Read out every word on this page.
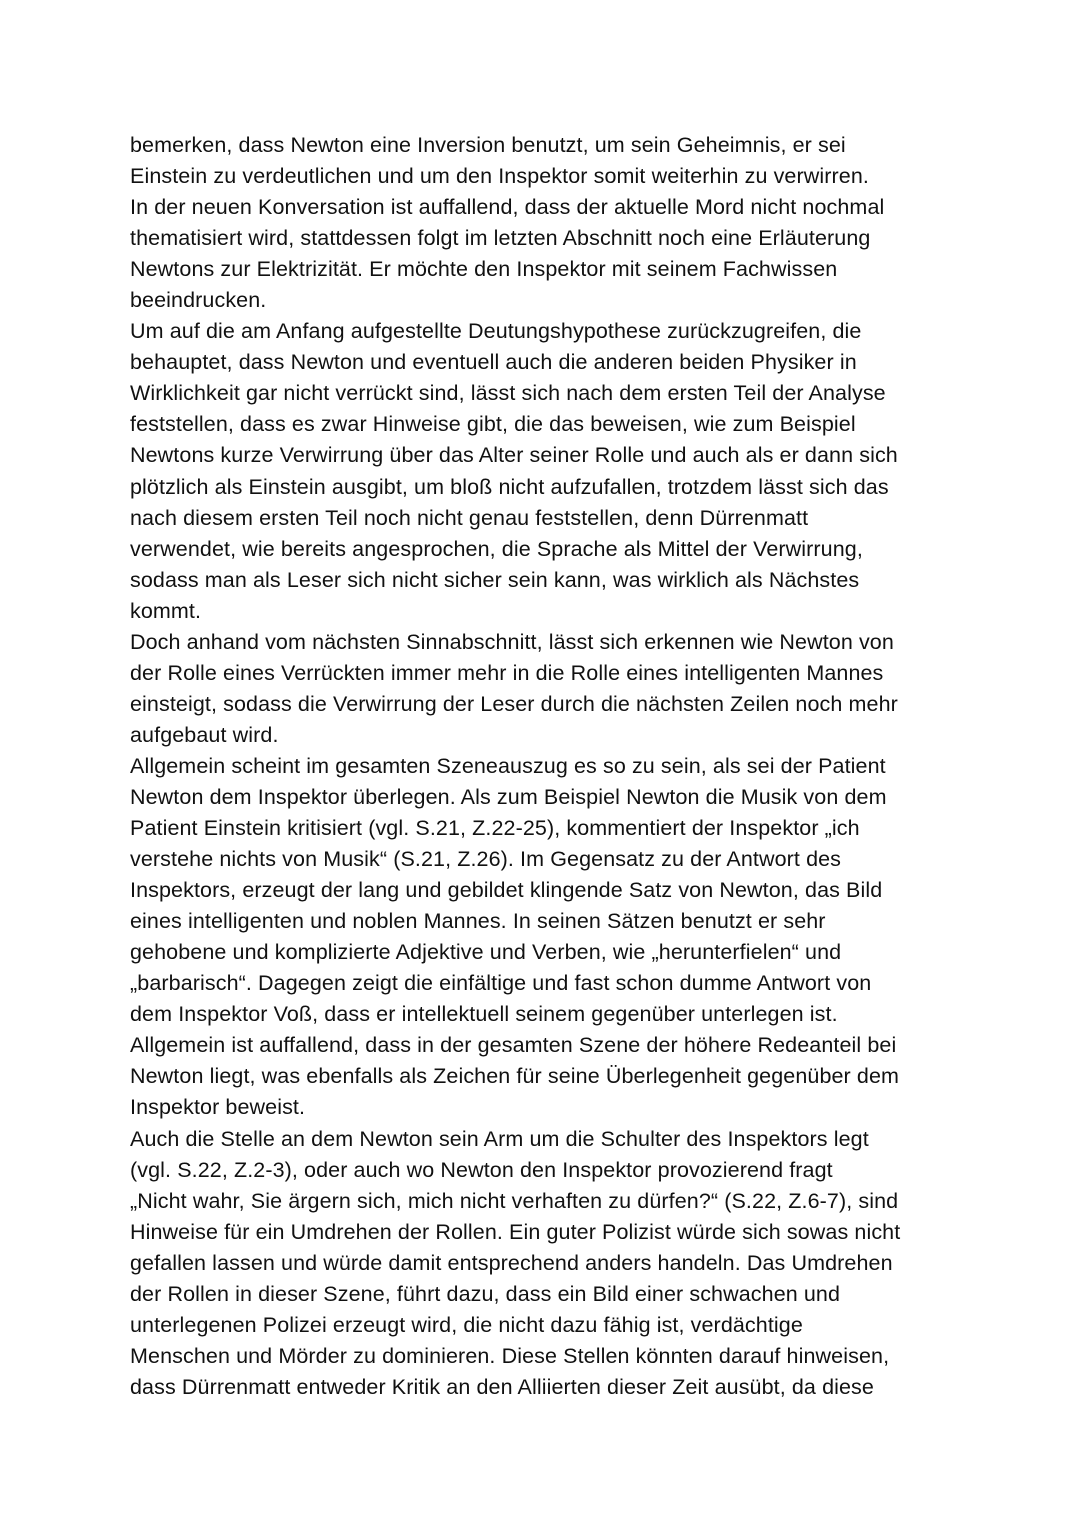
bemerken, dass Newton eine Inversion benutzt, um sein Geheimnis, er sei
Einstein zu verdeutlichen und um den Inspektor somit weiterhin zu verwirren.
In der neuen Konversation ist auffallend, dass der aktuelle Mord nicht nochmal
thematisiert wird, stattdessen folgt im letzten Abschnitt noch eine Erläuterung
Newtons zur Elektrizität. Er möchte den Inspektor mit seinem Fachwissen
beeindrucken.
Um auf die am Anfang aufgestellte Deutungshypothese zurückzugreifen, die
behauptet, dass Newton und eventuell auch die anderen beiden Physiker in
Wirklichkeit gar nicht verrückt sind, lässt sich nach dem ersten Teil der Analyse
feststellen, dass es zwar Hinweise gibt, die das beweisen, wie zum Beispiel
Newtons kurze Verwirrung über das Alter seiner Rolle und auch als er dann sich
plötzlich als Einstein ausgibt, um bloß nicht aufzufallen, trotzdem lässt sich das
nach diesem ersten Teil noch nicht genau feststellen, denn Dürrenmatt
verwendet, wie bereits angesprochen, die Sprache als Mittel der Verwirrung,
sodass man als Leser sich nicht sicher sein kann, was wirklich als Nächstes
kommt.
Doch anhand vom nächsten Sinnabschnitt, lässt sich erkennen wie Newton von
der Rolle eines Verrückten immer mehr in die Rolle eines intelligenten Mannes
einsteigt, sodass die Verwirrung der Leser durch die nächsten Zeilen noch mehr
aufgebaut wird.
Allgemein scheint im gesamten Szeneauszug es so zu sein, als sei der Patient
Newton dem Inspektor überlegen. Als zum Beispiel Newton die Musik von dem
Patient Einstein kritisiert (vgl. S.21, Z.22-25), kommentiert der Inspektor „ich
verstehe nichts von Musik“ (S.21, Z.26). Im Gegensatz zu der Antwort des
Inspektors, erzeugt der lang und gebildet klingende Satz von Newton, das Bild
eines intelligenten und noblen Mannes. In seinen Sätzen benutzt er sehr
gehobene und komplizierte Adjektive und Verben, wie „herunterfielen“ und
„barbarisch“. Dagegen zeigt die einfältige und fast schon dumme Antwort von
dem Inspektor Voß, dass er intellektuell seinem gegenüber unterlegen ist.
Allgemein ist auffallend, dass in der gesamten Szene der höhere Redeanteil bei
Newton liegt, was ebenfalls als Zeichen für seine Überlegenheit gegenüber dem
Inspektor beweist.
Auch die Stelle an dem Newton sein Arm um die Schulter des Inspektors legt
(vgl. S.22, Z.2-3), oder auch wo Newton den Inspektor provozierend fragt
„Nicht wahr, Sie ärgern sich, mich nicht verhaften zu dürfen?“ (S.22, Z.6-7), sind
Hinweise für ein Umdrehen der Rollen. Ein guter Polizist würde sich sowas nicht
gefallen lassen und würde damit entsprechend anders handeln. Das Umdrehen
der Rollen in dieser Szene, führt dazu, dass ein Bild einer schwachen und
unterlegenen Polizei erzeugt wird, die nicht dazu fähig ist, verdächtige
Menschen und Mörder zu dominieren. Diese Stellen könnten darauf hinweisen,
dass Dürrenmatt entweder Kritik an den Alliierten dieser Zeit ausübt, da diese
